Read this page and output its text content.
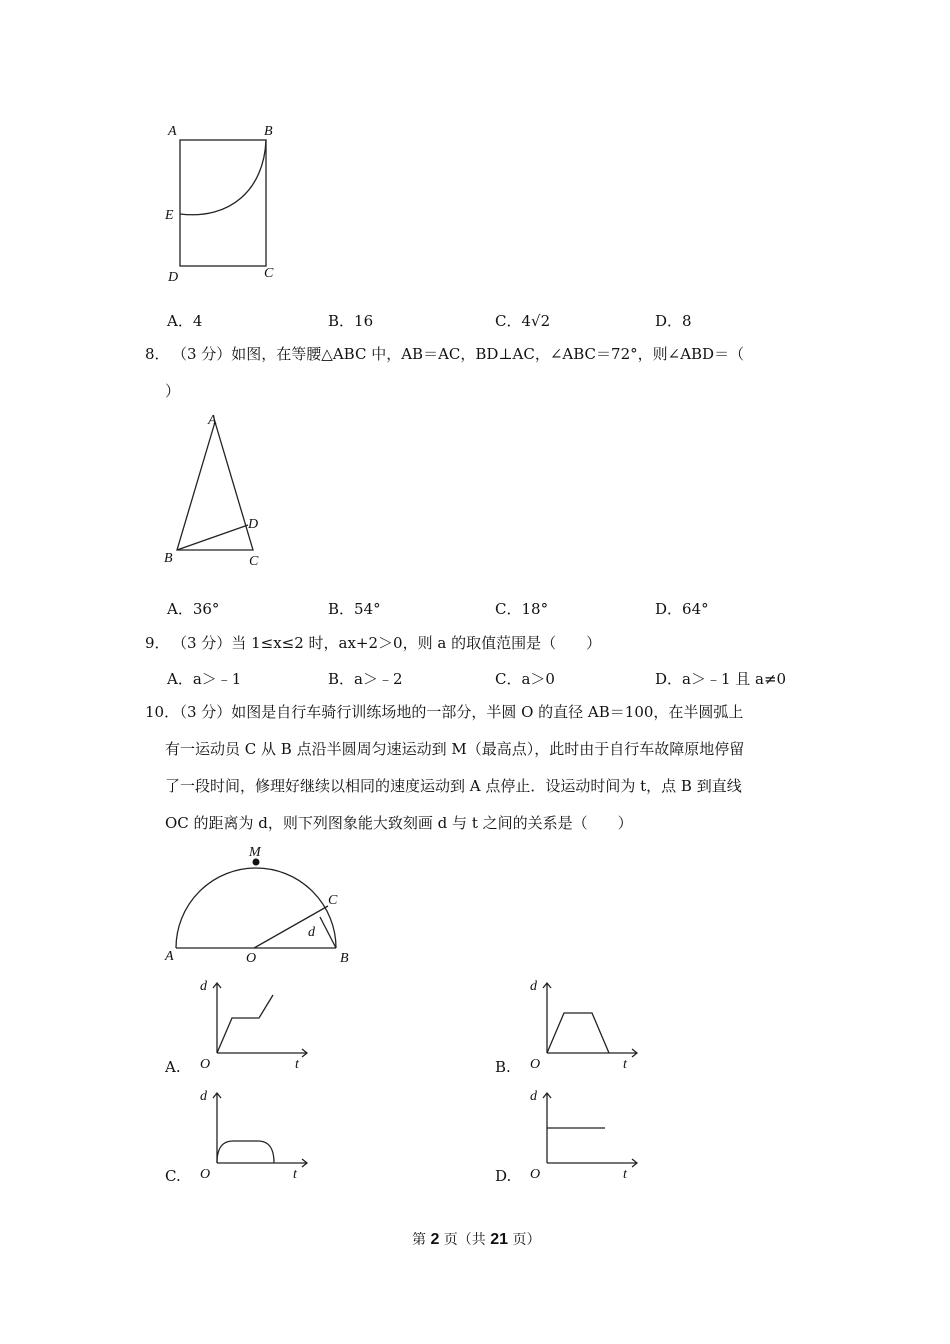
A	B
E
D	C
A．4	B．16	C．4√2	D．8
8． （3 分）如图，在等腰△ABC 中，AB＝AC，BD⊥AC，∠ABC＝72°，则∠ABD＝（
）
A
D
B	C
A．36°	B．54°	C．18°	D．64°
9． （3 分）当 1≤x≤2 时，ax+2＞0，则 a 的取值范围是（　　）
A．a＞﹣1	B．a＞﹣2	C．a＞0	D．a＞﹣1 且 a≠0
10．
（3 分）如图是自行车骑行训练场地的一部分，半圆 O 的直径 AB＝100，在半圆弧上
有一运动员 C 从 B 点沿半圆周匀速运动到 M（最高点），此时由于自行车故障原地停留
了一段时间，修理好继续以相同的速度运动到 A 点停止．设运动时间为 t，点 B 到直线
OC 的距离为 d，则下列图象能大致刻画 d 与 t 之间的关系是（　　）
M
C
d
A	O	B
d
t
O
A.
d
t
O
B.
d
t
O
C.
d
t
O
D.
第 2 页（共 21 页）
